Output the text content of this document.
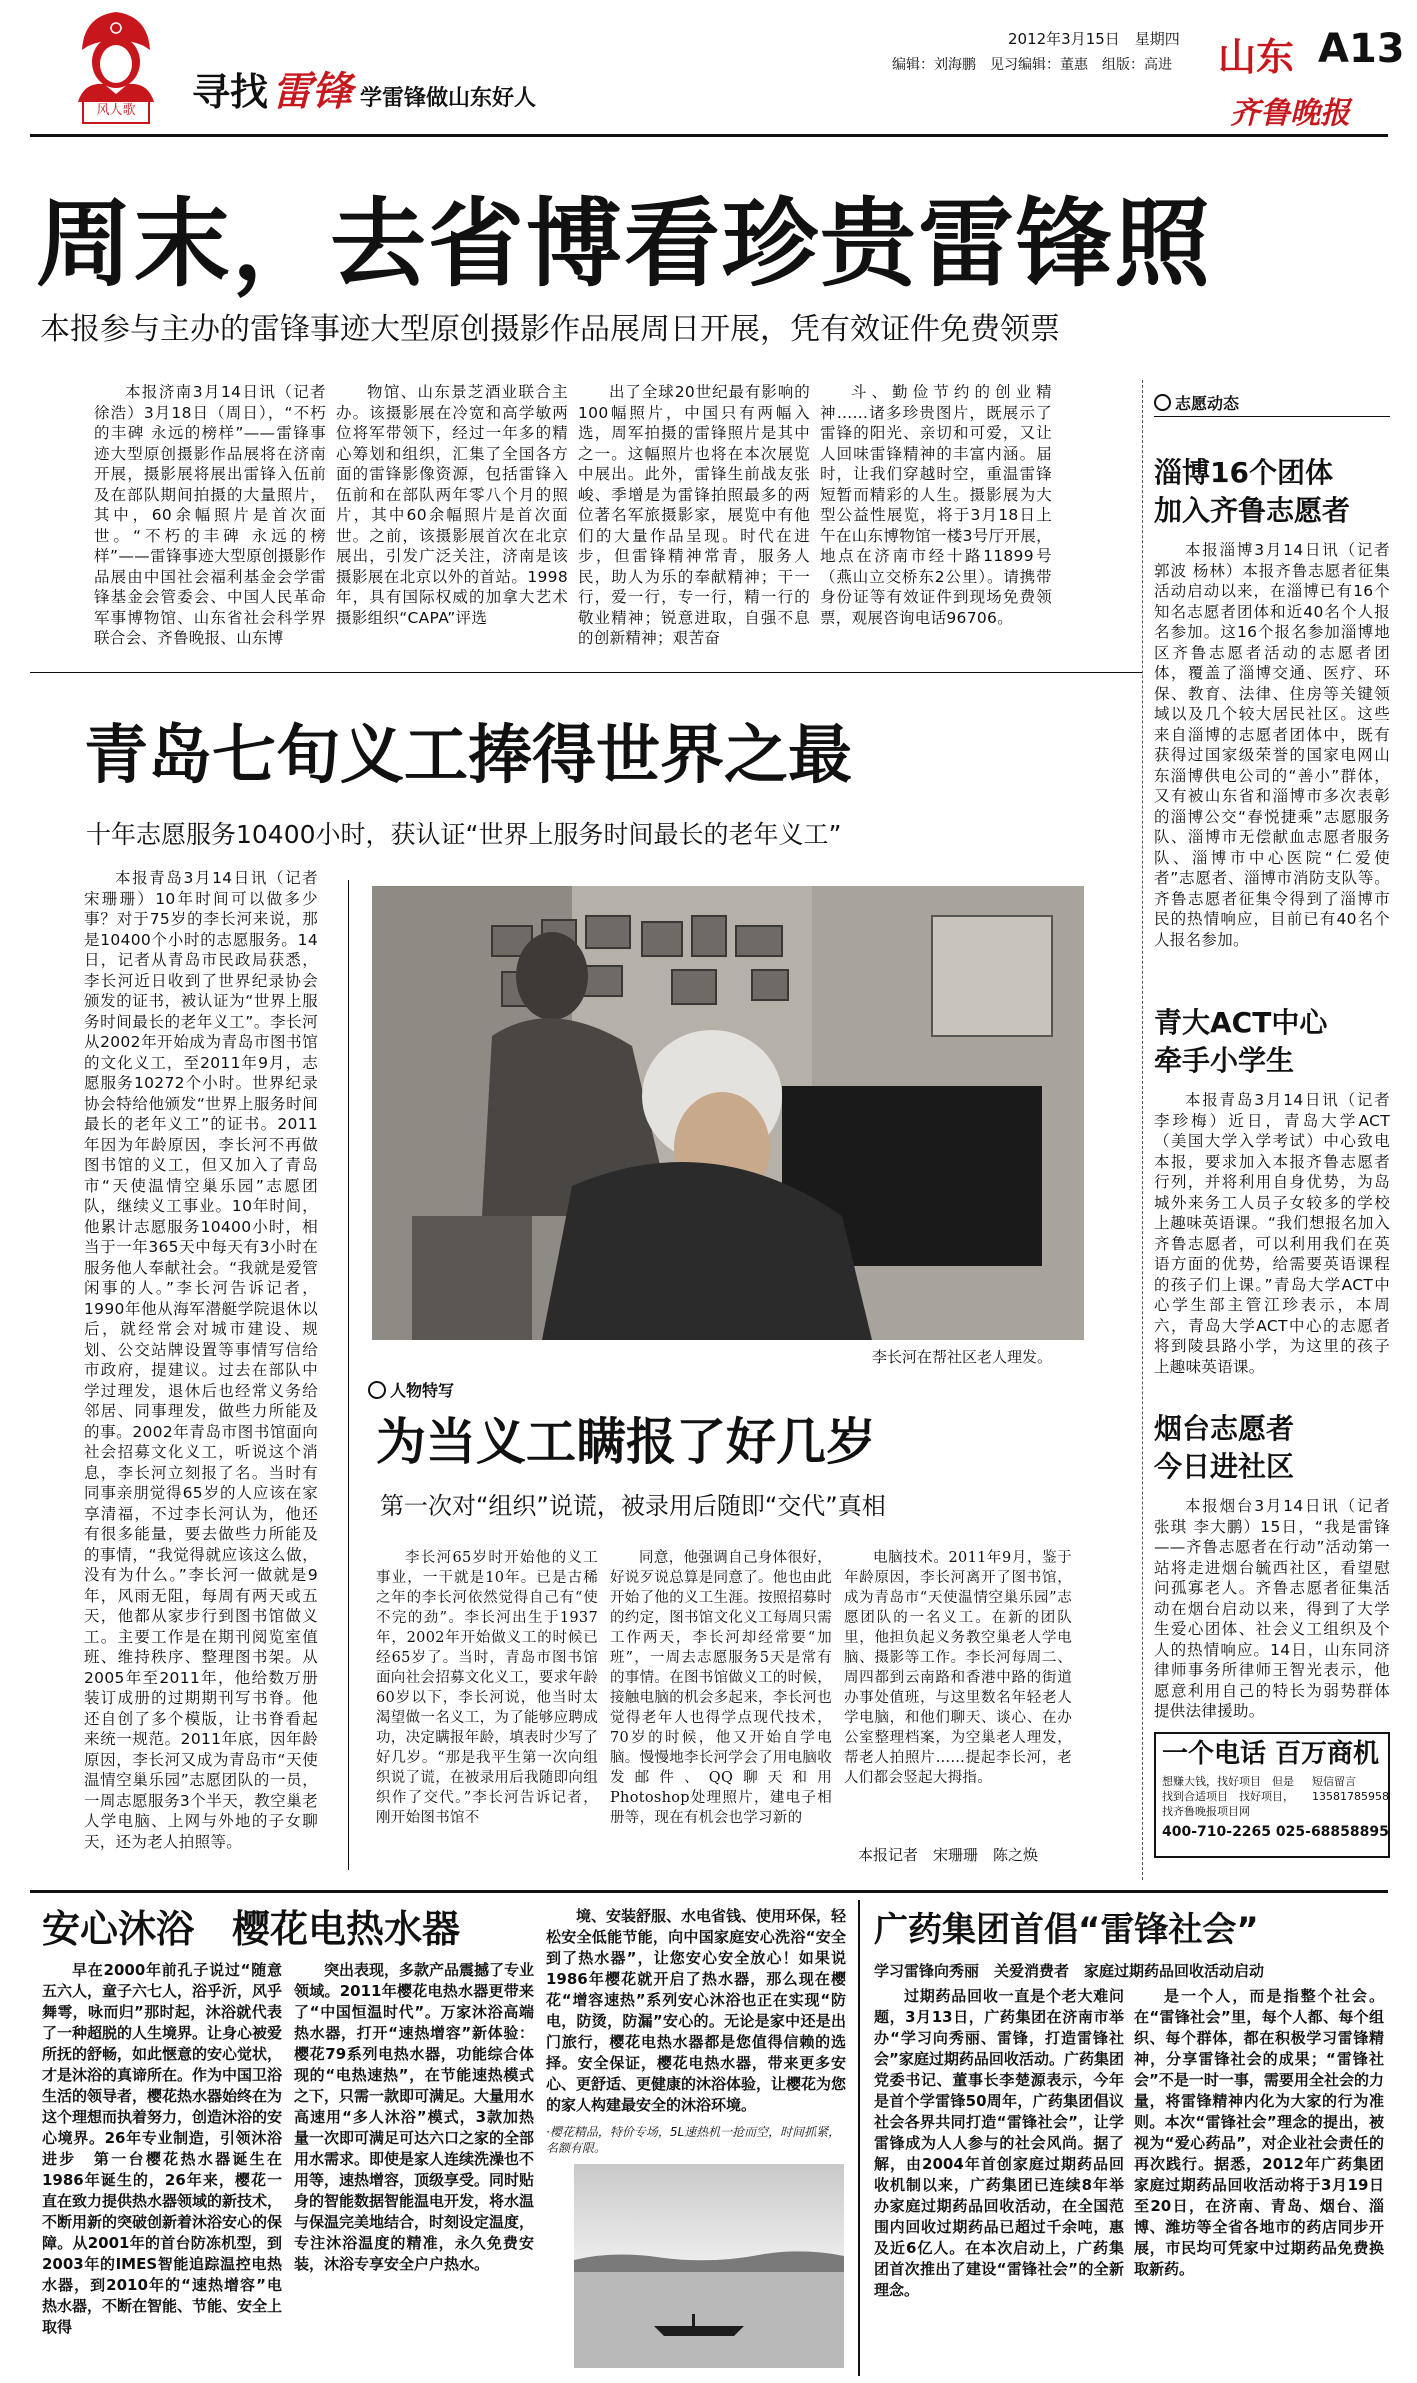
风人歌	寻找 雷锋 学雷锋做山东好人
2012年3月15日　星期四
编辑：刘海鹏　见习编辑：董惠　组版：高进	山东 A13
齐鲁晚报
周末，去省博看珍贵雷锋照
本报参与主办的雷锋事迹大型原创摄影作品展周日开展，凭有效证件免费领票

本报济南3月14日讯（记者 徐浩）3月18日（周日），“不朽的丰碑 永远的榜样”——雷锋事迹大型原创摄影作品展将在济南开展，摄影展将展出雷锋入伍前及在部队期间拍摄的大量照片，其中，60余幅照片是首次面世。“不朽的丰碑 永远的榜样”——雷锋事迹大型原创摄影作品展由中国社会福利基金会学雷锋基金会管委会、中国人民革命军事博物馆、山东省社会科学界联合会、齐鲁晚报、山东博

物馆、山东景芝酒业联合主办。该摄影展在冷宽和高学敏两位将军带领下，经过一年多的精心筹划和组织，汇集了全国各方面的雷锋影像资源，包括雷锋入伍前和在部队两年零八个月的照片，其中60余幅照片是首次面世。之前，该摄影展首次在北京展出，引发广泛关注，济南是该摄影展在北京以外的首站。1998年，具有国际权威的加拿大艺术摄影组织“CAPA”评选

出了全球20世纪最有影响的100幅照片，中国只有两幅入选，周军拍摄的雷锋照片是其中之一。这幅照片也将在本次展览中展出。此外，雷锋生前战友张峻、季增是为雷锋拍照最多的两位著名军旅摄影家，展览中有他们的大量作品呈现。时代在进步，但雷锋精神常青，服务人民，助人为乐的奉献精神；干一行，爱一行，专一行，精一行的敬业精神；锐意进取，自强不息的创新精神；艰苦奋

斗、勤俭节约的创业精神……诸多珍贵图片，既展示了雷锋的阳光、亲切和可爱，又让人回味雷锋精神的丰富内涵。届时，让我们穿越时空，重温雷锋短暂而精彩的人生。摄影展为大型公益性展览，将于3月18日上午在山东博物馆一楼3号厅开展，地点在济南市经十路11899号（燕山立交桥东2公里）。请携带身份证等有效证件到现场免费领票，观展咨询电话96706。

青岛七旬义工捧得世界之最
十年志愿服务10400小时，获认证“世界上服务时间最长的老年义工”

本报青岛3月14日讯（记者 宋珊珊）10年时间可以做多少事？对于75岁的李长河来说，那是10400个小时的志愿服务。14日，记者从青岛市民政局获悉，李长河近日收到了世界纪录协会颁发的证书，被认证为“世界上服务时间最长的老年义工”。李长河从2002年开始成为青岛市图书馆的文化义工，至2011年9月，志愿服务10272个小时。世界纪录协会特给他颁发“世界上服务时间最长的老年义工”的证书。2011年因为年龄原因，李长河不再做图书馆的义工，但又加入了青岛市“天使温情空巢乐园”志愿团队，继续义工事业。10年时间，他累计志愿服务10400小时，相当于一年365天中每天有3小时在服务他人奉献社会。“我就是爱管闲事的人。”李长河告诉记者，1990年他从海军潜艇学院退休以后，就经常会对城市建设、规划、公交站牌设置等事情写信给市政府，提建议。过去在部队中学过理发，退休后也经常义务给邻居、同事理发，做些力所能及的事。2002年青岛市图书馆面向社会招募文化义工，听说这个消息，李长河立刻报了名。当时有同事亲朋觉得65岁的人应该在家享清福，不过李长河认为，他还有很多能量，要去做些力所能及的事情，“我觉得就应该这么做，没有为什么。”李长河一做就是9年，风雨无阻，每周有两天或五天，他都从家步行到图书馆做义工。主要工作是在期刊阅览室值班、维持秩序、整理图书架。从2005年至2011年，他给数万册装订成册的过期期刊写书脊。他还自创了多个模版，让书脊看起来统一规范。2011年底，因年龄原因，李长河又成为青岛市“天使温情空巢乐园”志愿团队的一员，一周志愿服务3个半天，教空巢老人学电脑、上网与外地的子女聊天，还为老人拍照等。

李长河在帮社区老人理发。
人物特写
为当义工瞒报了好几岁
第一次对“组织”说谎，被录用后随即“交代”真相

李长河65岁时开始他的义工事业，一干就是10年。已是古稀之年的李长河依然觉得自己有“使不完的劲”。李长河出生于1937年，2002年开始做义工的时候已经65岁了。当时，青岛市图书馆面向社会招募文化义工，要求年龄60岁以下，李长河说，他当时太渴望做一名义工，为了能够应聘成功，决定瞒报年龄，填表时少写了好几岁。“那是我平生第一次向组织说了谎，在被录用后我随即向组织作了交代。”李长河告诉记者，刚开始图书馆不

同意，他强调自己身体很好，好说歹说总算是同意了。他也由此开始了他的义工生涯。按照招募时的约定，图书馆文化义工每周只需工作两天，李长河却经常要“加班”，一周去志愿服务5天是常有的事情。在图书馆做义工的时候，接触电脑的机会多起来，李长河也觉得老年人也得学点现代技术，70岁的时候，他又开始自学电脑。慢慢地李长河学会了用电脑收发邮件、QQ聊天和用Photoshop处理照片，建电子相册等，现在有机会也学习新的

电脑技术。2011年9月，鉴于年龄原因，李长河离开了图书馆，成为青岛市“天使温情空巢乐园”志愿团队的一名义工。在新的团队里，他担负起义务教空巢老人学电脑、摄影等工作。李长河每周二、周四都到云南路和香港中路的街道办事处值班，与这里数名年轻老人学电脑，和他们聊天、谈心、在办公室整理档案，为空巢老人理发，帮老人拍照片……提起李长河，老人们都会竖起大拇指。

本报记者　宋珊珊　陈之焕
志愿动态
淄博16个团体
加入齐鲁志愿者

本报淄博3月14日讯（记者 郭波 杨林）本报齐鲁志愿者征集活动启动以来，在淄博已有16个知名志愿者团体和近40名个人报名参加。这16个报名参加淄博地区齐鲁志愿者活动的志愿者团体，覆盖了淄博交通、医疗、环保、教育、法律、住房等关键领域以及几个较大居民社区。这些来自淄博的志愿者团体中，既有获得过国家级荣誉的国家电网山东淄博供电公司的“善小”群体，又有被山东省和淄博市多次表彰的淄博公交“春悦捷乘”志愿服务队、淄博市无偿献血志愿者服务队、淄博市中心医院“仁爱使者”志愿者、淄博市消防支队等。齐鲁志愿者征集令得到了淄博市民的热情响应，目前已有40名个人报名参加。

青大ACT中心
牵手小学生

本报青岛3月14日讯（记者 李珍梅）近日，青岛大学ACT（美国大学入学考试）中心致电本报，要求加入本报齐鲁志愿者行列，并将利用自身优势，为岛城外来务工人员子女较多的学校上趣味英语课。“我们想报名加入齐鲁志愿者，可以利用我们在英语方面的优势，给需要英语课程的孩子们上课。”青岛大学ACT中心学生部主管江珍表示，本周六，青岛大学ACT中心的志愿者将到陵县路小学，为这里的孩子上趣味英语课。

烟台志愿者
今日进社区

本报烟台3月14日讯（记者 张琪 李大鹏）15日，“我是雷锋——齐鲁志愿者在行动”活动第一站将走进烟台毓西社区，看望慰问孤寡老人。齐鲁志愿者征集活动在烟台启动以来，得到了大学生爱心团体、社会义工组织及个人的热情响应。14日，山东同济律师事务所律师王智光表示，他愿意利用自己的特长为弱势群体提供法律援助。

一个电话 百万商机
想赚大钱，找好项目　但是找到合适项目　找好项目，找齐鲁晚报项目网
短信留言 13581785958
400-710-2265 025-68858895
安心沐浴　樱花电热水器

早在2000年前孔子说过“随意五六人，童子六七人，浴乎沂，风乎舞雩，咏而归”那时起，沐浴就代表了一种超脱的人生境界。让身心被爱所抚的舒畅，如此惬意的安心觉状，才是沐浴的真谛所在。作为中国卫浴生活的领导者，樱花热水器始终在为这个理想而执着努力，创造沐浴的安心境界。26年专业制造，引领沐浴进步　第一台樱花热水器诞生在1986年诞生的，26年来，樱花一直在致力提供热水器领域的新技术，不断用新的突破创新着沐浴安心的保障。从2001年的首台防冻机型，到2003年的IMES智能追踪温控电热水器，到2010年的“速热增容”电热水器，不断在智能、节能、安全上取得

突出表现，多款产品震撼了专业领域。2011年樱花电热水器更带来了“中国恒温时代”。万家沐浴高端热水器，打开“速热增容”新体验：樱花79系列电热水器，功能综合体现的“电热速热”，在节能速热模式之下，只需一款即可满足。大量用水高速用“多人沐浴”模式，3款加热量一次即可满足可达六口之家的全部用水需求。即使是家人连续洗澡也不用等，速热增容，顶级享受。同时贴身的智能数据智能温电开发，将水温与保温完美地结合，时刻设定温度，专注沐浴温度的精准，永久免费安装，沐浴专享安全户户热水。

境、安装舒服、水电省钱、使用环保，轻松安全低能节能，向中国家庭安心洗浴“安全到了热水器”，让您安心安全放心！如果说1986年樱花就开启了热水器，那么现在樱花“增容速热”系列安心沐浴也正在实现“防电，防烫，防漏”安心的。无论是家中还是出门旅行，樱花电热水器都是您值得信赖的选择。安全保证，樱花电热水器，带来更多安心、更舒适、更健康的沐浴体验，让樱花为您的家人构建最安全的沐浴环境。

·樱花精品，特价专场，5L速热机一抢而空，时间抓紧，名额有限。
广药集团首倡“雷锋社会”
学习雷锋向秀丽　关爱消费者　家庭过期药品回收活动启动

过期药品回收一直是个老大难问题，3月13日，广药集团在济南市举办“学习向秀丽、雷锋，打造雷锋社会”家庭过期药品回收活动。广药集团党委书记、董事长李楚源表示，今年是首个学雷锋50周年，广药集团倡议社会各界共同打造“雷锋社会”，让学雷锋成为人人参与的社会风尚。据了解，由2004年首创家庭过期药品回收机制以来，广药集团已连续8年举办家庭过期药品回收活动，在全国范围内回收过期药品已超过千余吨，惠及近6亿人。在本次启动上，广药集团首次推出了建设“雷锋社会”的全新理念。

是一个人，而是指整个社会。在“雷锋社会”里，每个人都、每个组织、每个群体，都在积极学习雷锋精神，分享雷锋社会的成果；“雷锋社会”不是一时一事，需要用全社会的力量，将雷锋精神内化为大家的行为准则。本次“雷锋社会”理念的提出，被视为“爱心药品”，对企业社会责任的再次践行。据悉，2012年广药集团家庭过期药品回收活动将于3月19日至20日，在济南、青岛、烟台、淄博、潍坊等全省各地市的药店同步开展，市民均可凭家中过期药品免费换取新药。
